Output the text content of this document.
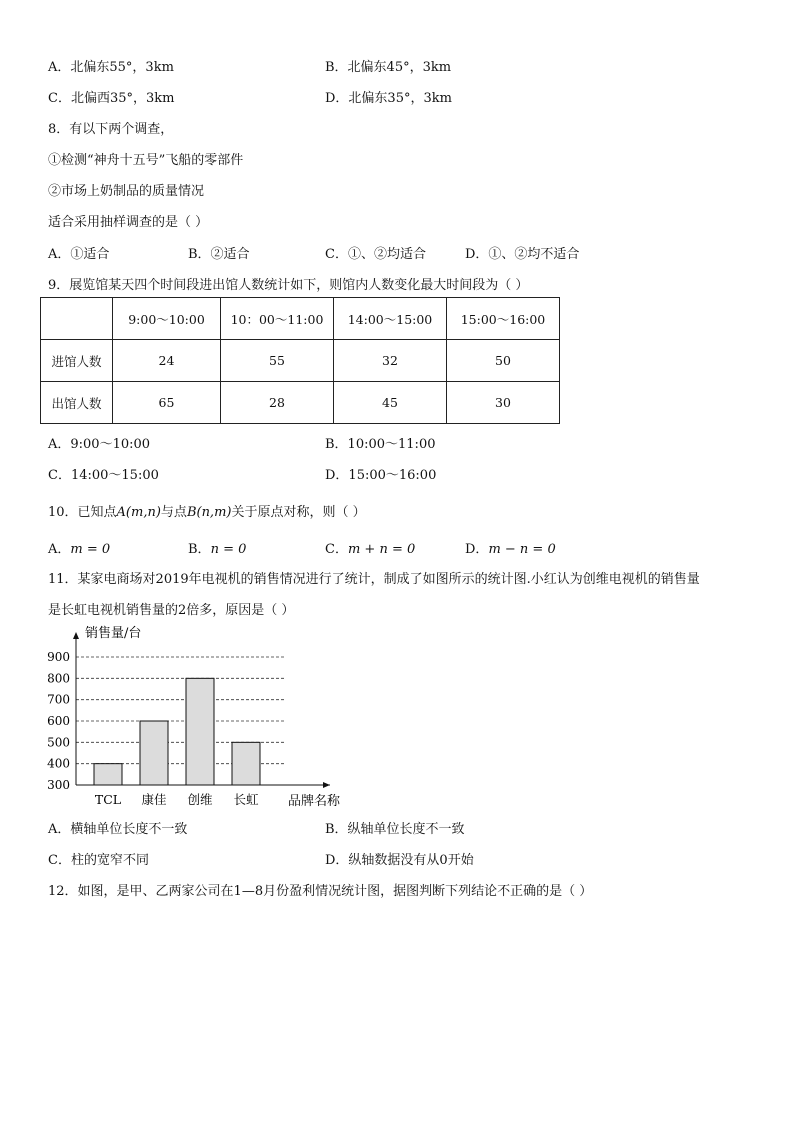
A．北偏东55°，3km	B．北偏东45°，3km
C．北偏西35°，3km	D．北偏东35°，3km
8．有以下两个调查，
①检测“神舟十五号”飞船的零部件
②市场上奶制品的质量情况
适合采用抽样调查的是（ ）
A．①适合	B．②适合	C．①、②均适合	D．①、②均不适合
9．展览馆某天四个时间段进出馆人数统计如下，则馆内人数变化最大时间段为（ ）
	9:00～10:00	10：00～11:00	14:00～15:00	15:00～16:00
进馆人数	24	55	32	50
出馆人数	65	28	45	30
A．9:00～10:00	B．10:00～11:00
C．14:00～15:00	D．15:00～16:00
10．已知点A(m,n)与点B(n,m)关于原点对称，则（ ）
A．m = 0	B．n = 0	C．m + n = 0	D．m − n = 0
11．某家电商场对2019年电视机的销售情况进行了统计，制成了如图所示的统计图.小红认为创维电视机的销售量
是长虹电视机销售量的2倍多，原因是（ ）
销售量/台
品牌名称
300
400
500
600
700
800
900
TCL 康佳 创维 长虹
A．横轴单位长度不一致	B．纵轴单位长度不一致
C．柱的宽窄不同	D．纵轴数据没有从0开始
12．如图，是甲、乙两家公司在1—8月份盈利情况统计图，据图判断下列结论不正确的是（ ）
